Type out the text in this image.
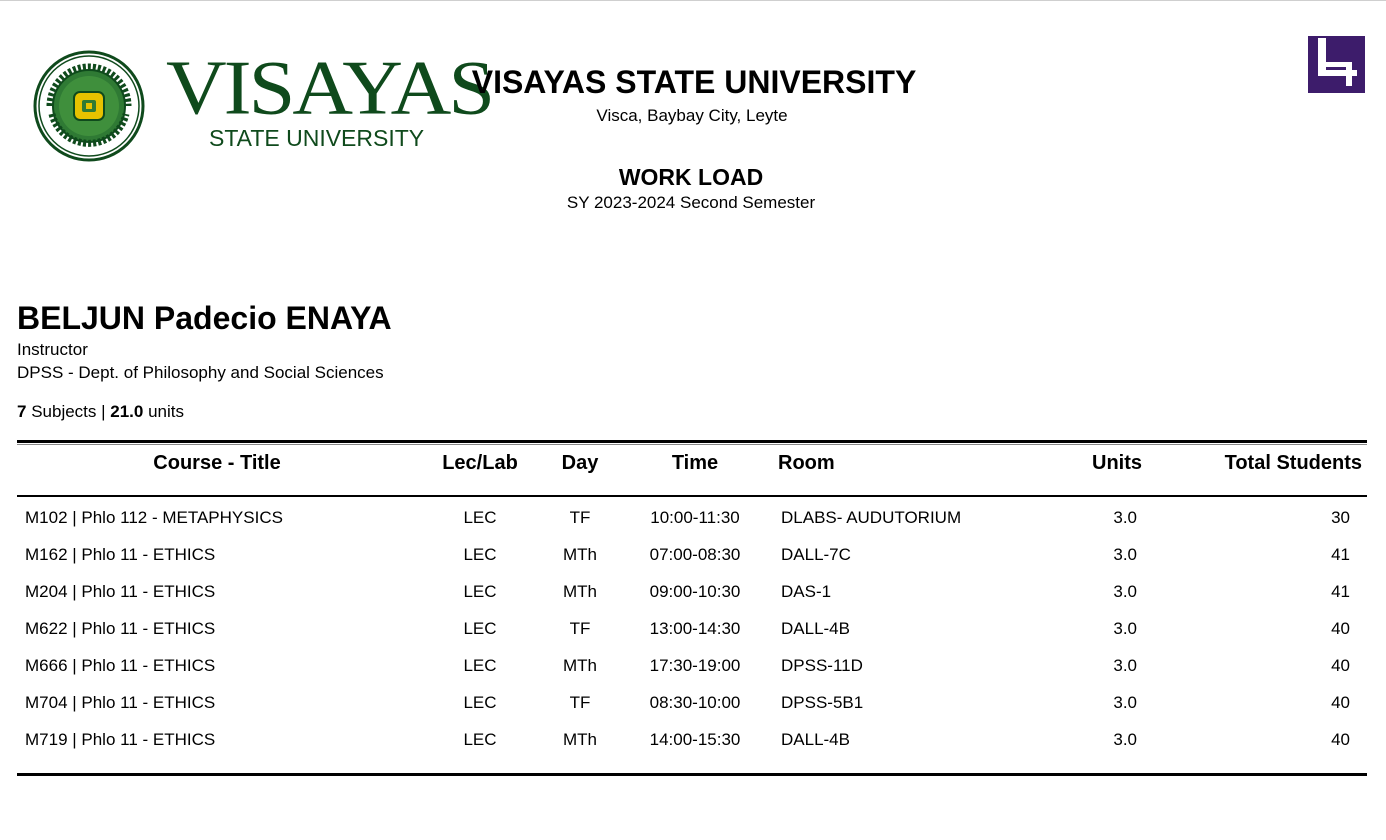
VISAYAS
STATE UNIVERSITY
VISAYAS STATE UNIVERSITY
Visca, Baybay City, Leyte
WORK LOAD
SY 2023-2024 Second Semester
BELJUN Padecio ENAYA
Instructor
DPSS - Dept. of Philosophy and Social Sciences
7 Subjects | 21.0 units
Course - Title	Lec/Lab	Day	Time	Room	Units	Total Students
M102 | Phlo 112 - METAPHYSICS	LEC	TF	10:00-11:30	DLABS- AUDUTORIUM	3.0	30
M162 | Phlo 11 - ETHICS	LEC	MTh	07:00-08:30	DALL-7C	3.0	41
M204 | Phlo 11 - ETHICS	LEC	MTh	09:00-10:30	DAS-1	3.0	41
M622 | Phlo 11 - ETHICS	LEC	TF	13:00-14:30	DALL-4B	3.0	40
M666 | Phlo 11 - ETHICS	LEC	MTh	17:30-19:00	DPSS-11D	3.0	40
M704 | Phlo 11 - ETHICS	LEC	TF	08:30-10:00	DPSS-5B1	3.0	40
M719 | Phlo 11 - ETHICS	LEC	MTh	14:00-15:30	DALL-4B	3.0	40
